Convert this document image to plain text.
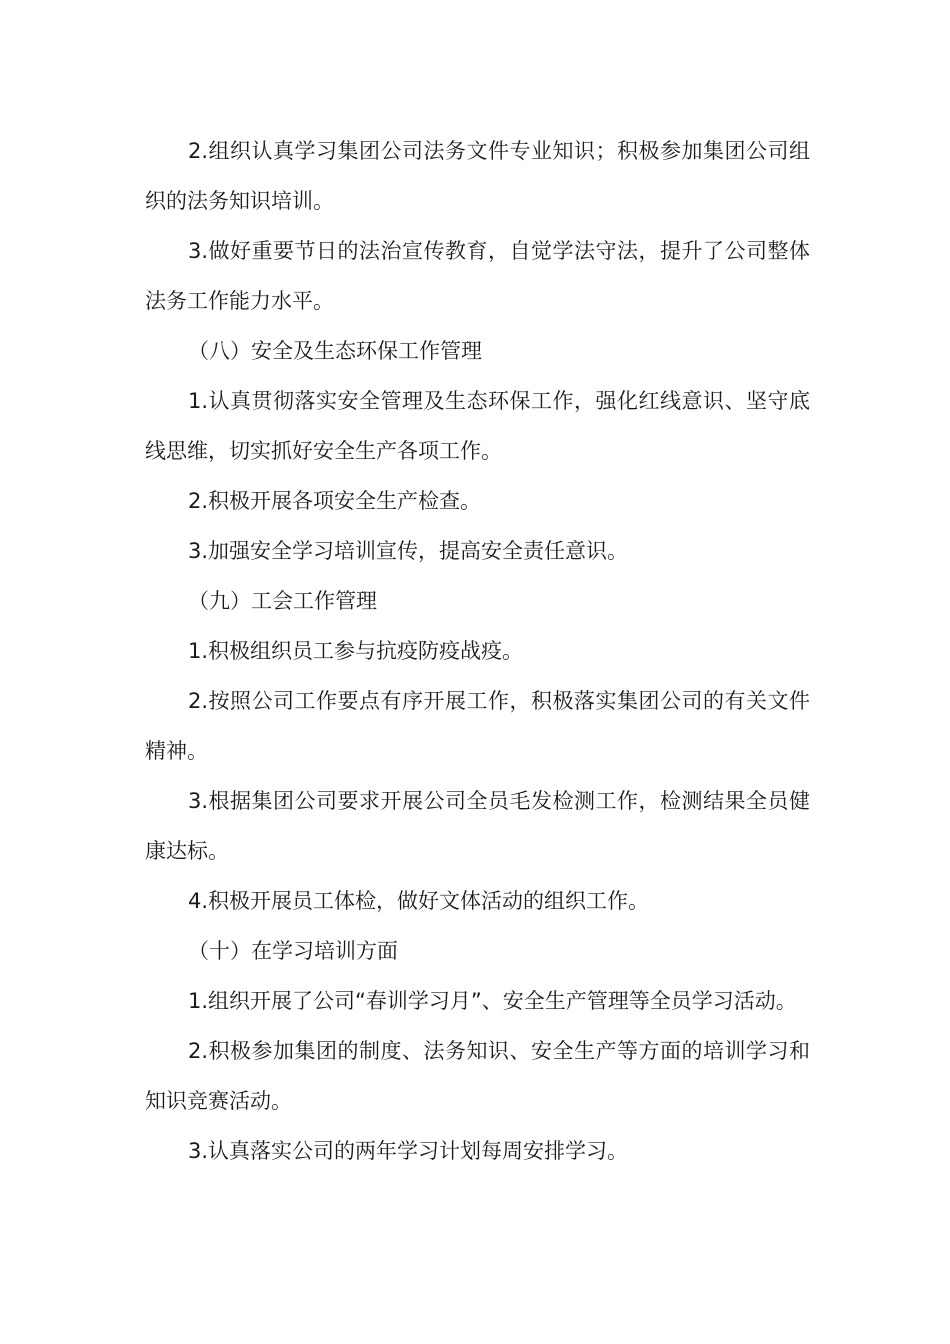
2.组织认真学习集团公司法务文件专业知识；积极参加集团公司组织的法务知识培训。

3.做好重要节日的法治宣传教育，自觉学法守法，提升了公司整体法务工作能力水平。

（八）安全及生态环保工作管理

1.认真贯彻落实安全管理及生态环保工作，强化红线意识、坚守底线思维，切实抓好安全生产各项工作。

2.积极开展各项安全生产检查。

3.加强安全学习培训宣传，提高安全责任意识。

（九）工会工作管理

1.积极组织员工参与抗疫防疫战疫。

2.按照公司工作要点有序开展工作，积极落实集团公司的有关文件精神。

3.根据集团公司要求开展公司全员毛发检测工作，检测结果全员健康达标。

4.积极开展员工体检，做好文体活动的组织工作。

（十）在学习培训方面

1.组织开展了公司“春训学习月”、安全生产管理等全员学习活动。

2.积极参加集团的制度、法务知识、安全生产等方面的培训学习和知识竞赛活动。

3.认真落实公司的两年学习计划每周安排学习。
